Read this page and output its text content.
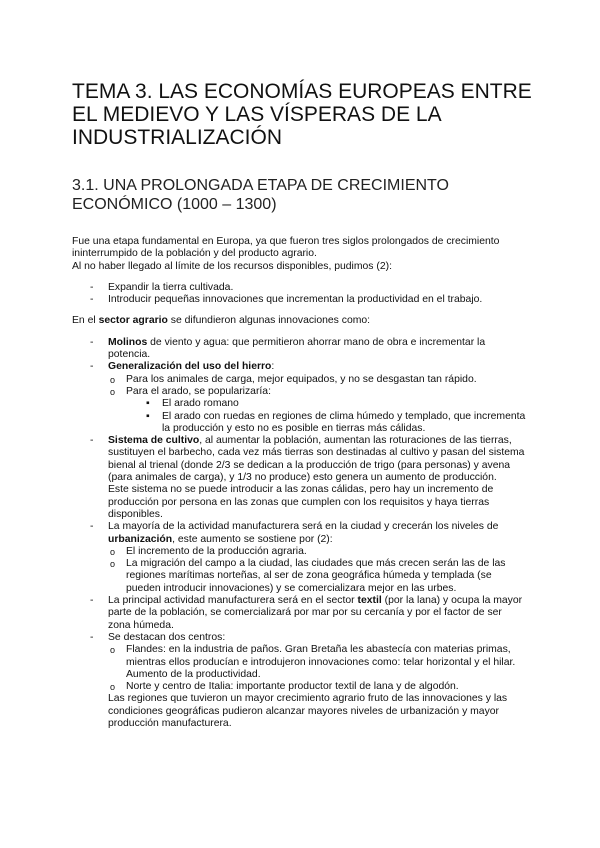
TEMA 3. LAS ECONOMÍAS EUROPEAS ENTRE EL MEDIEVO Y LAS VÍSPERAS DE LA INDUSTRIALIZACIÓN
3.1. UNA PROLONGADA ETAPA DE CRECIMIENTO ECONÓMICO (1000 – 1300)

Fue una etapa fundamental en Europa, ya que fueron tres siglos prolongados de crecimiento ininterrumpido de la población y del producto agrario.

Al no haber llegado al límite de los recursos disponibles, pudimos (2):

- Expandir la tierra cultivada.
- Introducir pequeñas innovaciones que incrementan la productividad en el trabajo.

En el sector agrario se difundieron algunas innovaciones como:

- Molinos de viento y agua: que permitieron ahorrar mano de obra e incrementar la potencia.
- Generalización del uso del hierro:
o Para los animales de carga, mejor equipados, y no se desgastan tan rápido.
o Para el arado, se popularizaría:
▪ El arado romano
▪ El arado con ruedas en regiones de clima húmedo y templado, que incrementa la producción y esto no es posible en tierras más cálidas.
- Sistema de cultivo, al aumentar la población, aumentan las roturaciones de las tierras, sustituyen el barbecho, cada vez más tierras son destinadas al cultivo y pasan del sistema bienal al trienal (donde 2/3 se dedican a la producción de trigo (para personas) y avena (para animales de carga), y 1/3 no produce) esto genera un aumento de producción.

Este sistema no se puede introducir a las zonas cálidas, pero hay un incremento de producción por persona en las zonas que cumplen con los requisitos y haya tierras disponibles.

- La mayoría de la actividad manufacturera será en la ciudad y crecerán los niveles de urbanización, este aumento se sostiene por (2):
o El incremento de la producción agraria.
o La migración del campo a la ciudad, las ciudades que más crecen serán las de las regiones marítimas norteñas, al ser de zona geográfica húmeda y templada (se pueden introducir innovaciones) y se comercializara mejor en las urbes.
- La principal actividad manufacturera será en el sector textil (por la lana) y ocupa la mayor parte de la población, se comercializará por mar por su cercanía y por el factor de ser zona húmeda.
- Se destacan dos centros:
o Flandes: en la industria de paños. Gran Bretaña les abastecía con materias primas, mientras ellos producían e introdujeron innovaciones como: telar horizontal y el hilar. Aumento de la productividad.
o Norte y centro de Italia: importante productor textil de lana y de algodón.

Las regiones que tuvieron un mayor crecimiento agrario fruto de las innovaciones y las condiciones geográficas pudieron alcanzar mayores niveles de urbanización y mayor producción manufacturera.
